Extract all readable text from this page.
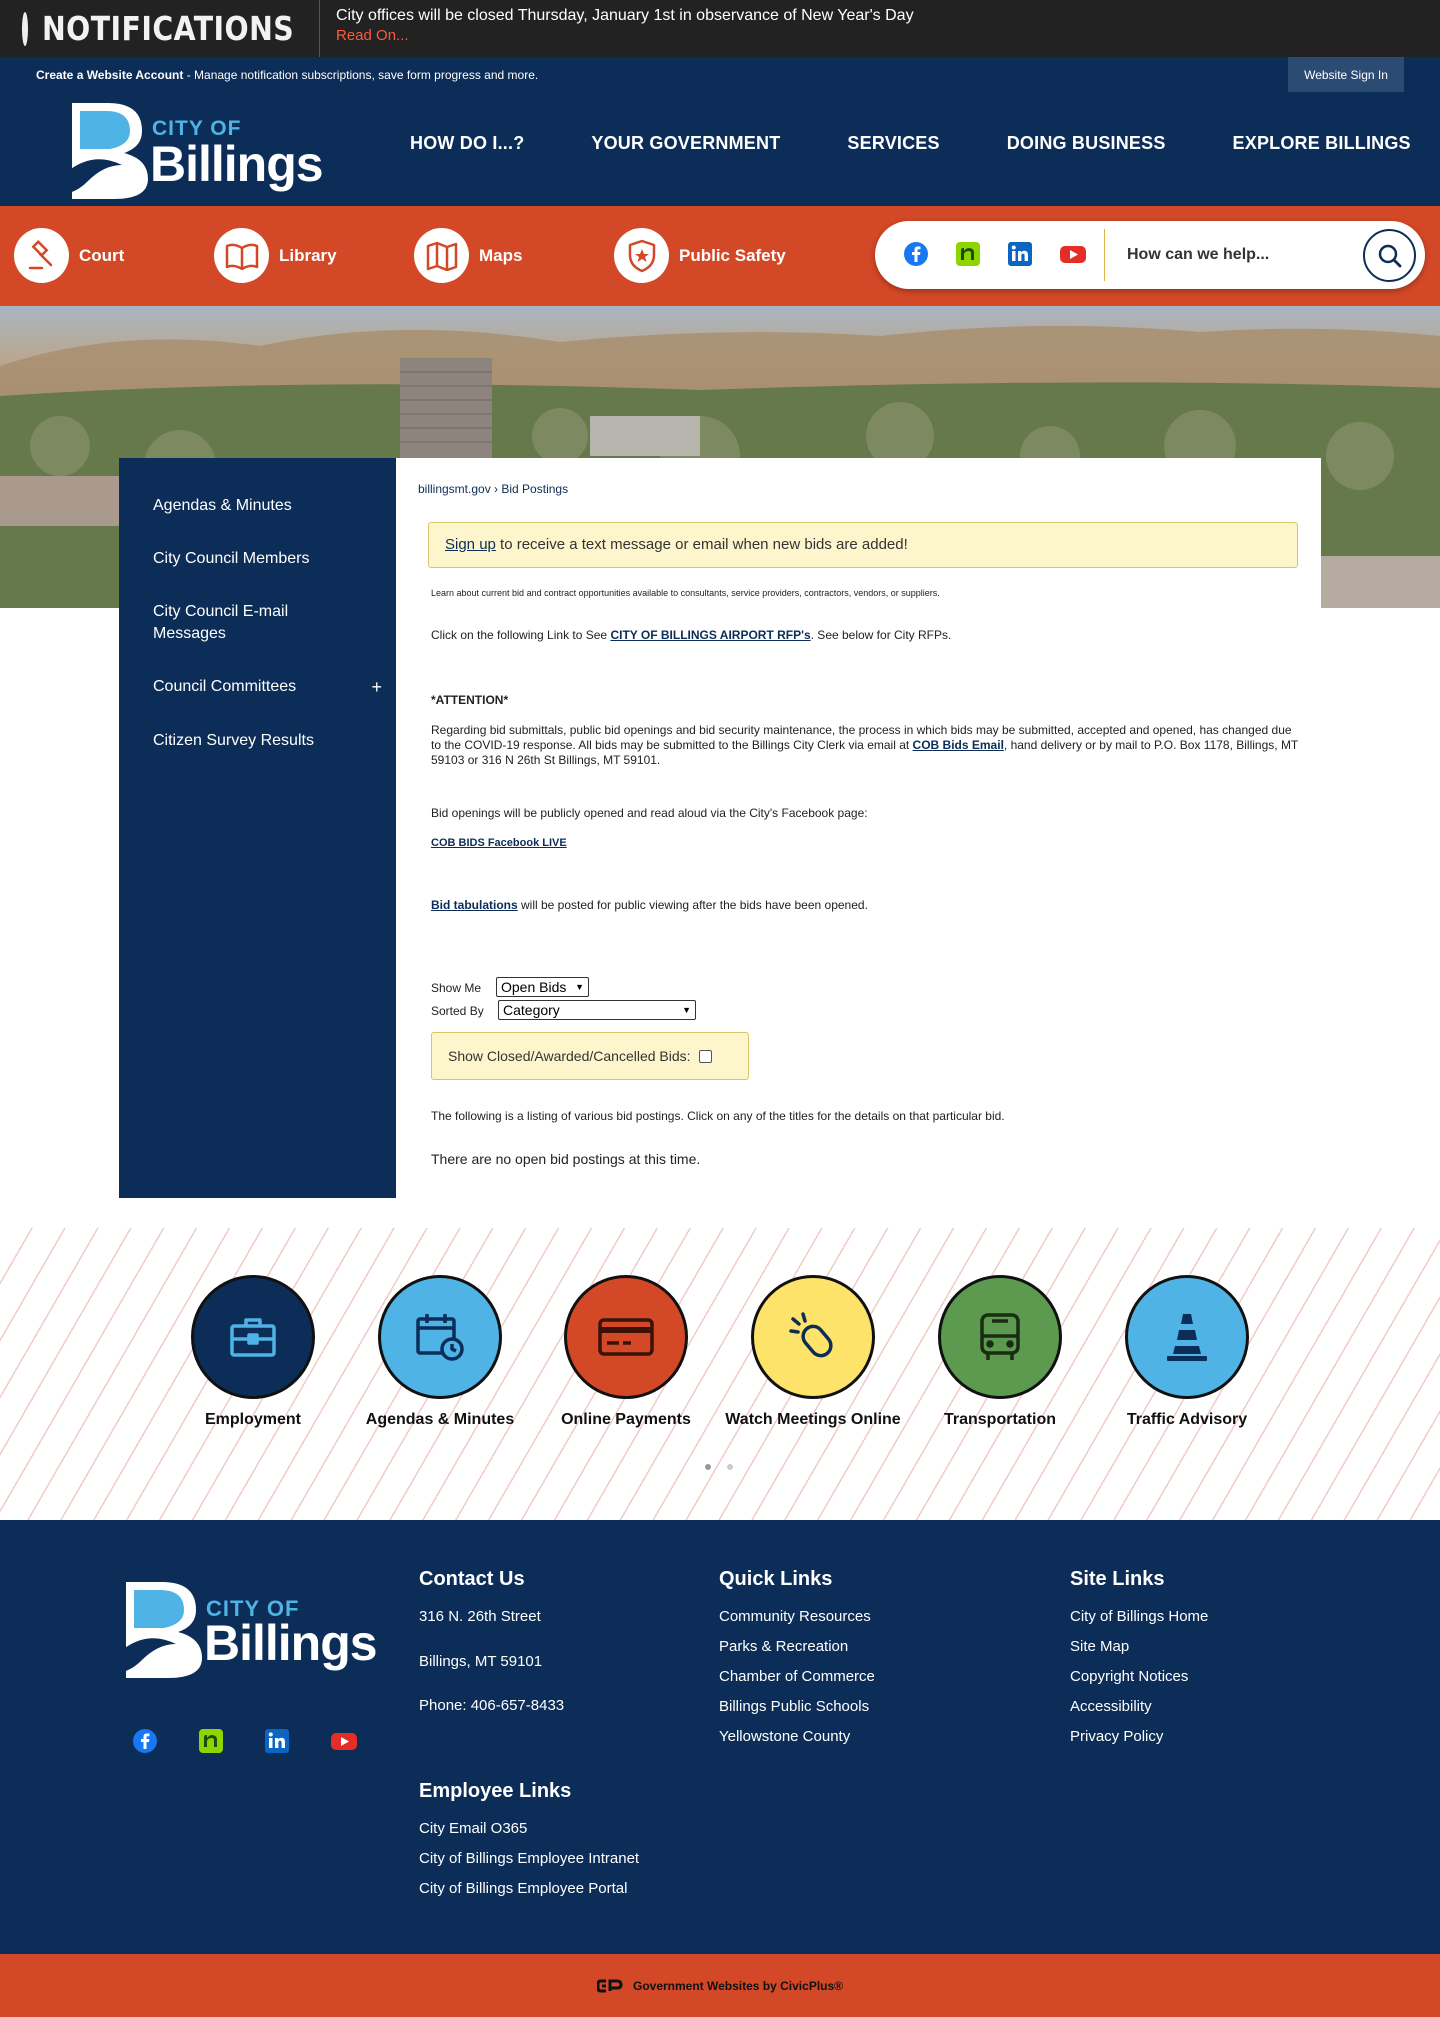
NOTIFICATIONS	City offices will be closed Thursday, January 1st in observance of New Year's Day
Read On...
Create a Website Account - Manage notification subscriptions, save form progress and more.	Website Sign In
CITY OF
Billings	HOW DO I...?	YOUR GOVERNMENT	SERVICES	DOING BUSINESS	EXPLORE BILLINGS
Court	Library	Maps	Public Safety
How can we help...
Agendas & Minutes
City Council Members
City Council E-mail Messages
Council Committees	+
Citizen Survey Results
billingsmt.gov › Bid Postings
Sign up to receive a text message or email when new bids are added!
Learn about current bid and contract opportunities available to consultants, service providers, contractors, vendors, or suppliers.
Click on the following Link to See CITY OF BILLINGS AIRPORT RFP's. See below for City RFPs.
*ATTENTION*
Regarding bid submittals, public bid openings and bid security maintenance, the process in which bids may be submitted, accepted and opened, has changed due to the COVID-19 response. All bids may be submitted to the Billings City Clerk via email at COB Bids Email, hand delivery or by mail to P.O. Box 1178, Billings, MT 59103 or 316 N 26th St Billings, MT 59101.
Bid openings will be publicly opened and read aloud via the City's Facebook page:
COB BIDS Facebook LIVE
Bid tabulations will be posted for public viewing after the bids have been opened.
Show Me Open Bids ▼
Sorted By Category	▼
Show Closed/Awarded/Cancelled Bids:
The following is a listing of various bid postings. Click on any of the titles for the details on that particular bid.
There are no open bid postings at this time.
Employment	Agendas & Minutes	Online Payments	Watch Meetings Online	Transportation	Traffic Advisory
CITY OF
Billings
Contact Us
316 N. 26th Street
Billings, MT 59101
Phone: 406-657-8433
Employee Links
City Email O365
City of Billings Employee Intranet
City of Billings Employee Portal
Quick Links
Community Resources
Parks & Recreation
Chamber of Commerce
Billings Public Schools
Yellowstone County
Site Links
City of Billings Home
Site Map
Copyright Notices
Accessibility
Privacy Policy
Government Websites by CivicPlus®
